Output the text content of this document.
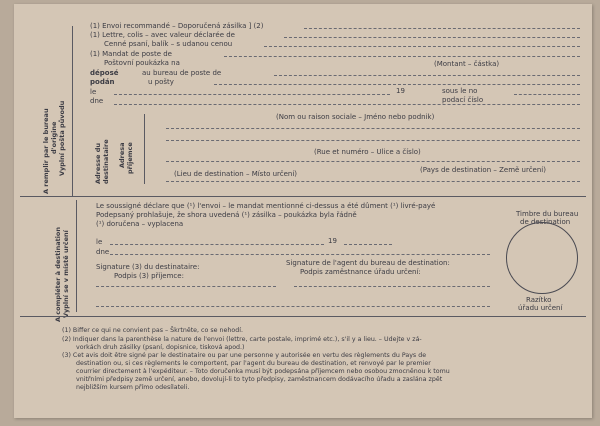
A remplir par le bureau d'origine Vyplní pošta původu	Adresse du destinataire Adresa příjemce
A compléter à destination Vyplní se v místě určení
(1) Envoi recommandé – Doporučená zásilka ] (2)
(1) Lettre, colis – avec valeur déclarée de
Cenné psaní, balík – s udanou cenou
(1) Mandat de poste de
Poštovní poukázka na	(Montant – částka)
déposé	au bureau de poste de
podán	u pošty
le
dne
19	sous le no
podací číslo
(Nom ou raison sociale – Jméno nebo podnik)
(Rue et numéro – Ulice a číslo)
(Lieu de destination – Místo určení)	(Pays de destination – Země určení)
Le soussigné déclare que (¹) l'envoi – le mandat mentionné ci-dessus a été dûment (¹) livré-payé
Podepsaný prohlašuje, že shora uvedená (¹) zásilka – poukázka byla řádně
(¹) doručena – vyplacena
Timbre du bureau
de destination
le
dne
19
Signature (3) du destinataire:
Podpis (3) příjemce:
Signature de l'agent du bureau de destination:
Podpis zaměstnance úřadu určení:
Razítko
úřadu určení
(1) Biffer ce qui ne convient pas – Škrtněte, co se nehodí.
(2) Indiquer dans la parenthèse la nature de l'envoi (lettre, carte postale, imprimé etc.), s'il y a lieu. – Udejte v zá-
vorkách druh zásilky (psaní, dopisnice, tisková apod.)
(3) Cet avis doit être signé par le destinataire ou par une personne y autorisée en vertu des règlements du Pays de
destination ou, si ces règlements le comportent, par l'agent du bureau de destination, et renvoyé par le premier
courrier directement à l'expéditeur. – Toto doručenka musí být podepsána příjemcem nebo osobou zmocněnou k tomu
vnitřními předpisy země určení, anebo, dovolují-li to tyto předpisy, zaměstnancem dodávacího úřadu a zaslána zpět
nejbližším kursem přímo odesílateli.
